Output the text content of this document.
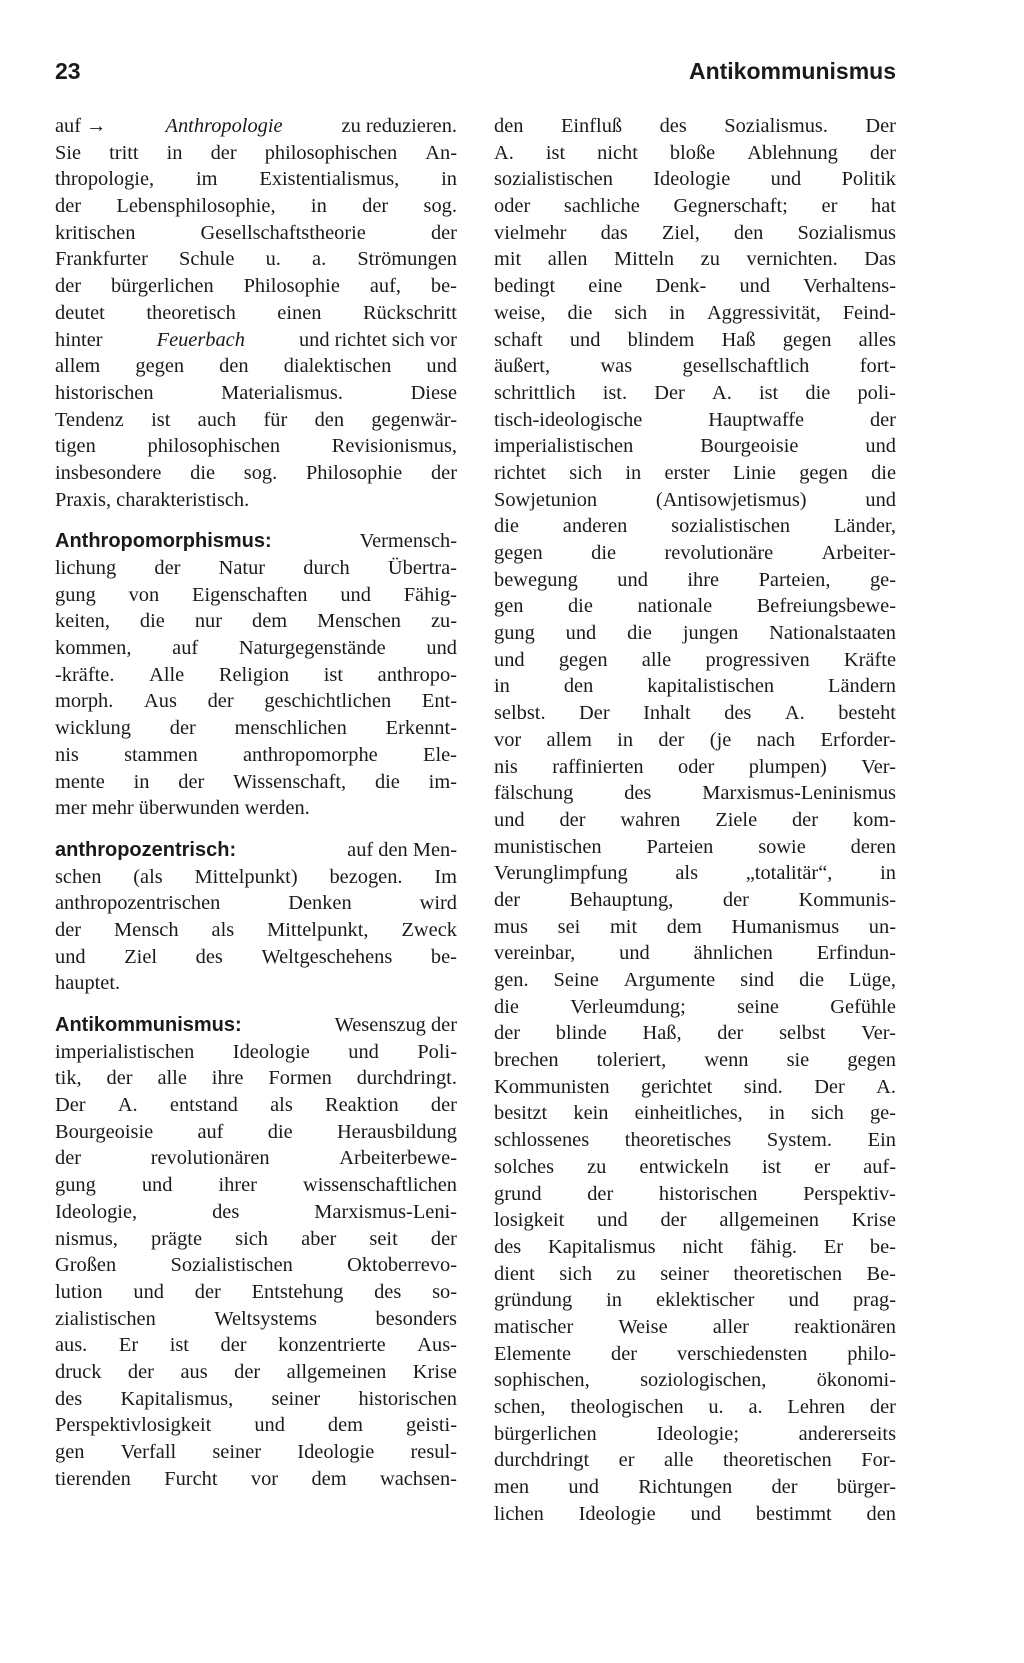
23	Antikommunismus
auf →	Anthropologie	zu reduzieren.
Sie tritt in der philosophischen An-
thropologie, im Existentialismus, in
der Lebensphilosophie, in der sog.
kritischen	Gesellschaftstheorie	der
Frankfurter Schule u. a. Strömungen
der bürgerlichen Philosophie auf, be-
deutet theoretisch einen Rückschritt
hinter	Feuerbach	und richtet sich vor
allem gegen den dialektischen und
historischen	Materialismus.	Diese
Tendenz ist auch für den gegenwär-
tigen	philosophischen	Revisionismus,
insbesondere die sog. Philosophie der
Praxis, charakteristisch.
Anthropomorphismus:	Vermensch-
lichung der Natur durch Übertra-
gung von Eigenschaften und Fähig-
keiten, die nur dem Menschen zu-
kommen, auf Naturgegenstände und
-kräfte. Alle Religion ist anthropo-
morph. Aus der geschichtlichen Ent-
wicklung der menschlichen Erkennt-
nis stammen anthropomorphe Ele-
mente in der Wissenschaft, die im-
mer mehr überwunden werden.
anthropozentrisch:	auf den Men-
schen (als Mittelpunkt) bezogen. Im
anthropozentrischen	Denken	wird
der Mensch als Mittelpunkt, Zweck
und Ziel des Weltgeschehens be-
hauptet.
Antikommunismus:	Wesenszug der
imperialistischen Ideologie und Poli-
tik, der alle ihre Formen durchdringt.
Der A. entstand als Reaktion der
Bourgeoisie auf die Herausbildung
der	revolutionären	Arbeiterbewe-
gung und ihrer wissenschaftlichen
Ideologie,	des	Marxismus-Leni-
nismus, prägte sich aber seit der
Großen	Sozialistischen	Oktoberrevo-
lution und der Entstehung des so-
zialistischen	Weltsystems	besonders
aus. Er ist der konzentrierte Aus-
druck der aus der allgemeinen Krise
des Kapitalismus, seiner historischen
Perspektivlosigkeit und dem geisti-
gen Verfall seiner Ideologie resul-
tierenden Furcht vor dem wachsen-
den Einfluß des Sozialismus. Der
A. ist nicht bloße Ablehnung der
sozialistischen Ideologie und Politik
oder sachliche Gegnerschaft; er hat
vielmehr das Ziel, den Sozialismus
mit allen Mitteln zu vernichten. Das
bedingt eine Denk- und Verhaltens-
weise, die sich in Aggressivität, Feind-
schaft und blindem Haß gegen alles
äußert, was gesellschaftlich fort-
schrittlich ist. Der A. ist die poli-
tisch-ideologische	Hauptwaffe	der
imperialistischen	Bourgeoisie	und
richtet sich in erster Linie gegen die
Sowjetunion	(Antisowjetismus)	und
die anderen sozialistischen Länder,
gegen die revolutionäre Arbeiter-
bewegung und ihre Parteien, ge-
gen die nationale Befreiungsbewe-
gung und die jungen Nationalstaaten
und gegen alle progressiven Kräfte
in	den	kapitalistischen	Ländern
selbst. Der Inhalt des A. besteht
vor allem in der (je nach Erforder-
nis raffinierten oder plumpen) Ver-
fälschung des Marxismus-Leninismus
und der wahren Ziele der kom-
munistischen Parteien sowie deren
Verunglimpfung als „totalitär“, in
der Behauptung, der Kommunis-
mus sei mit dem Humanismus un-
vereinbar, und ähnlichen Erfindun-
gen. Seine Argumente sind die Lüge,
die	Verleumdung;	seine	Gefühle
der blinde Haß, der selbst Ver-
brechen toleriert, wenn sie gegen
Kommunisten gerichtet sind. Der A.
besitzt kein einheitliches, in sich ge-
schlossenes theoretisches System. Ein
solches zu entwickeln ist er auf-
grund der historischen Perspektiv-
losigkeit und der allgemeinen Krise
des Kapitalismus nicht fähig. Er be-
dient sich zu seiner theoretischen Be-
gründung in eklektischer und prag-
matischer Weise aller reaktionären
Elemente der verschiedensten philo-
sophischen, soziologischen, ökonomi-
schen, theologischen u. a. Lehren der
bürgerlichen	Ideologie;	andererseits
durchdringt er alle theoretischen For-
men und Richtungen der bürger-
lichen Ideologie und bestimmt den
